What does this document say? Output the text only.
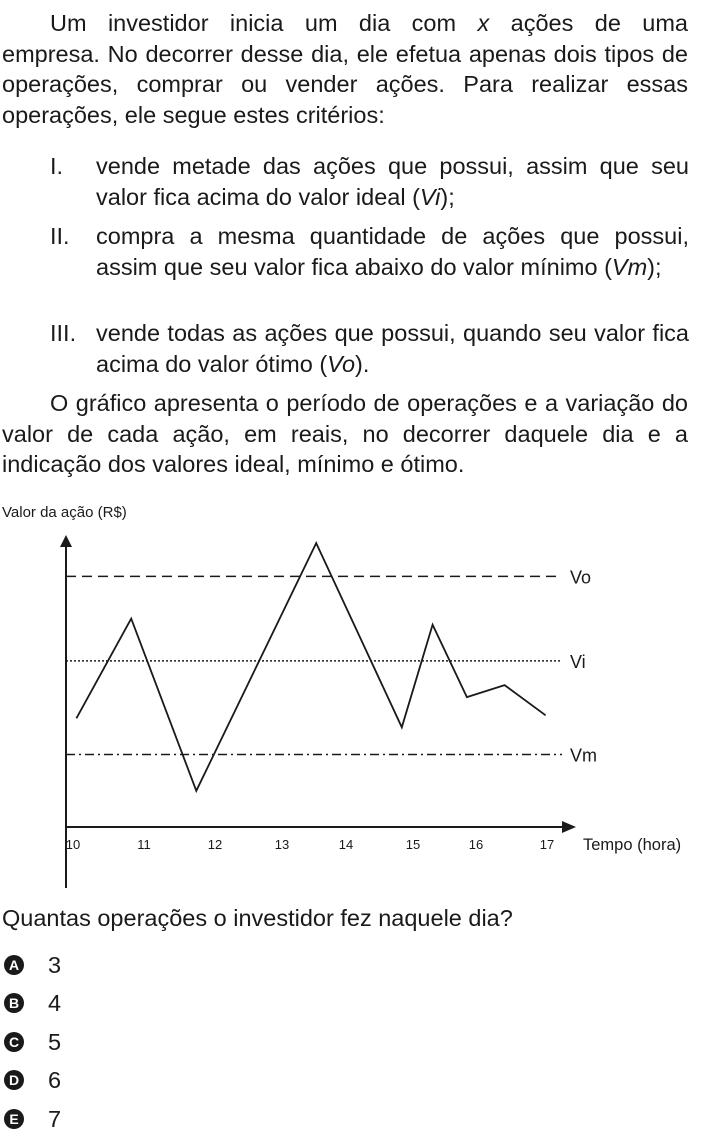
Um investidor inicia um dia com x ações de uma
empresa. No decorrer desse dia, ele efetua apenas dois tipos de operações, comprar ou vender ações. Para realizar essas operações, ele segue estes critérios:
I. vende metade das ações que possui, assim que seu valor fica acima do valor ideal (Vi);
II. compra a mesma quantidade de ações que possui, assim que seu valor fica abaixo do valor mínimo (Vm);
III. vende todas as ações que possui, quando seu valor fica acima do valor ótimo (Vo).
O gráfico apresenta o período de operações e a variação do valor de cada ação, em reais, no decorrer daquele dia e a indicação dos valores ideal, mínimo e ótimo.
Valor da ação (R$)
10	11	12	13	14	15	16	17 Tempo (hora)
Vo
Vi
Vm
Quantas operações o investidor fez naquele dia?
A 3
B 4
C 5
D 6
E 7
